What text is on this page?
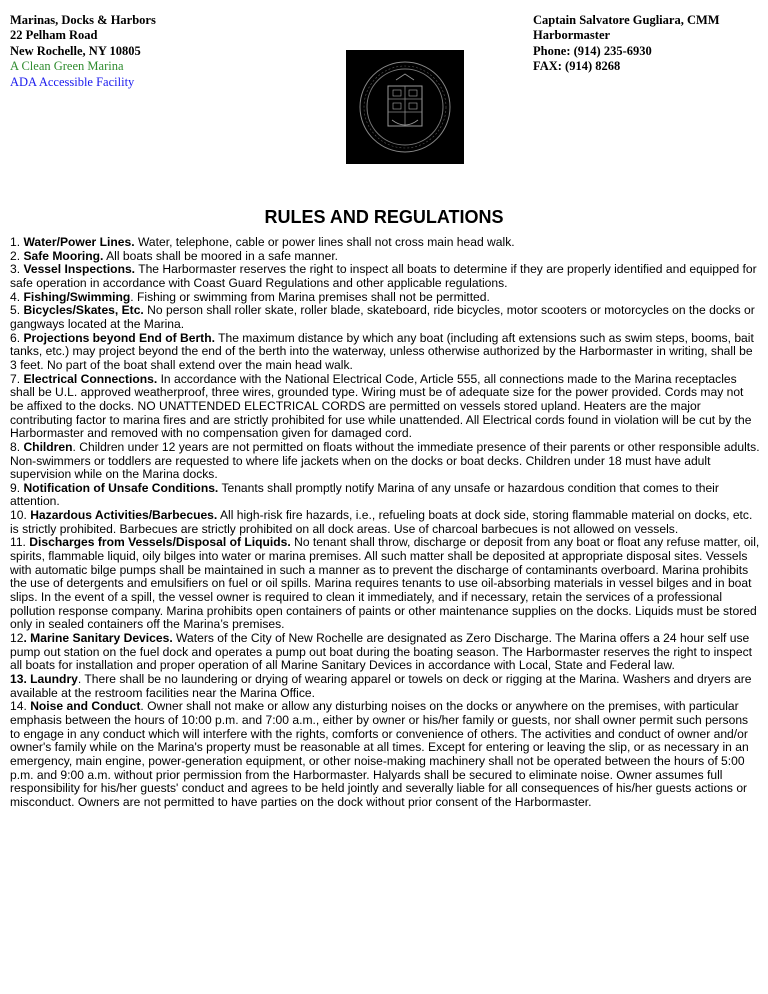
Marinas, Docks & Harbors
22 Pelham Road
New Rochelle, NY 10805
A Clean Green Marina
ADA Accessible Facility
Captain Salvatore Gugliara, CMM
Harbormaster
Phone: (914) 235-6930
FAX: (914) 8268
RULES AND REGULATIONS

1. Water/Power Lines. Water, telephone, cable or power lines shall not cross main head walk.

2. Safe Mooring. All boats shall be moored in a safe manner.

3. Vessel Inspections. The Harbormaster reserves the right to inspect all boats to determine if they are properly identified and equipped for safe operation in accordance with Coast Guard Regulations and other applicable regulations.

4. Fishing/Swimming. Fishing or swimming from Marina premises shall not be permitted.

5. Bicycles/Skates, Etc. No person shall roller skate, roller blade, skateboard, ride bicycles, motor scooters or motorcycles on the docks or gangways located at the Marina.

6. Projections beyond End of Berth. The maximum distance by which any boat (including aft extensions such as swim steps, booms, bait tanks, etc.) may project beyond the end of the berth into the waterway, unless otherwise authorized by the Harbormaster in writing, shall be 3 feet. No part of the boat shall extend over the main head walk.

7. Electrical Connections. In accordance with the National Electrical Code, Article 555, all connections made to the Marina receptacles shall be U.L. approved weatherproof, three wires, grounded type. Wiring must be of adequate size for the power provided. Cords may not be affixed to the docks. NO UNATTENDED ELECTRICAL CORDS are permitted on vessels stored upland. Heaters are the major contributing factor to marina fires and are strictly prohibited for use while unattended. All Electrical cords found in violation will be cut by the Harbormaster and removed with no compensation given for damaged cord.

8. Children. Children under 12 years are not permitted on floats without the immediate presence of their parents or other responsible adults. Non-swimmers or toddlers are requested to where life jackets when on the docks or boat decks. Children under 18 must have adult supervision while on the Marina docks.

9. Notification of Unsafe Conditions. Tenants shall promptly notify Marina of any unsafe or hazardous condition that comes to their attention.

10. Hazardous Activities/Barbecues. All high-risk fire hazards, i.e., refueling boats at dock side, storing flammable material on docks, etc. is strictly prohibited. Barbecues are strictly prohibited on all dock areas. Use of charcoal barbecues is not allowed on vessels.

11. Discharges from Vessels/Disposal of Liquids. No tenant shall throw, discharge or deposit from any boat or float any refuse matter, oil, spirits, flammable liquid, oily bilges into water or marina premises. All such matter shall be deposited at appropriate disposal sites. Vessels with automatic bilge pumps shall be maintained in such a manner as to prevent the discharge of contaminants overboard. Marina prohibits the use of detergents and emulsifiers on fuel or oil spills. Marina requires tenants to use oil-absorbing materials in vessel bilges and in boat slips. In the event of a spill, the vessel owner is required to clean it immediately, and if necessary, retain the services of a professional pollution response company. Marina prohibits open containers of paints or other maintenance supplies on the docks. Liquids must be stored only in sealed containers off the Marina’s premises.

12. Marine Sanitary Devices. Waters of the City of New Rochelle are designated as Zero Discharge. The Marina offers a 24 hour self use pump out station on the fuel dock and operates a pump out boat during the boating season. The Harbormaster reserves the right to inspect all boats for installation and proper operation of all Marine Sanitary Devices in accordance with Local, State and Federal law.

13. Laundry. There shall be no laundering or drying of wearing apparel or towels on deck or rigging at the Marina. Washers and dryers are available at the restroom facilities near the Marina Office.

14. Noise and Conduct. Owner shall not make or allow any disturbing noises on the docks or anywhere on the premises, with particular emphasis between the hours of 10:00 p.m. and 7:00 a.m., either by owner or his/her family or guests, nor shall owner permit such persons to engage in any conduct which will interfere with the rights, comforts or convenience of others. The activities and conduct of owner and/or owner's family while on the Marina's property must be reasonable at all times. Except for entering or leaving the slip, or as necessary in an emergency, main engine, power-generation equipment, or other noise-making machinery shall not be operated between the hours of 5:00 p.m. and 9:00 a.m. without prior permission from the Harbormaster. Halyards shall be secured to eliminate noise. Owner assumes full responsibility for his/her guests' conduct and agrees to be held jointly and severally liable for all consequences of his/her guests actions or misconduct. Owners are not permitted to have parties on the dock without prior consent of the Harbormaster.
